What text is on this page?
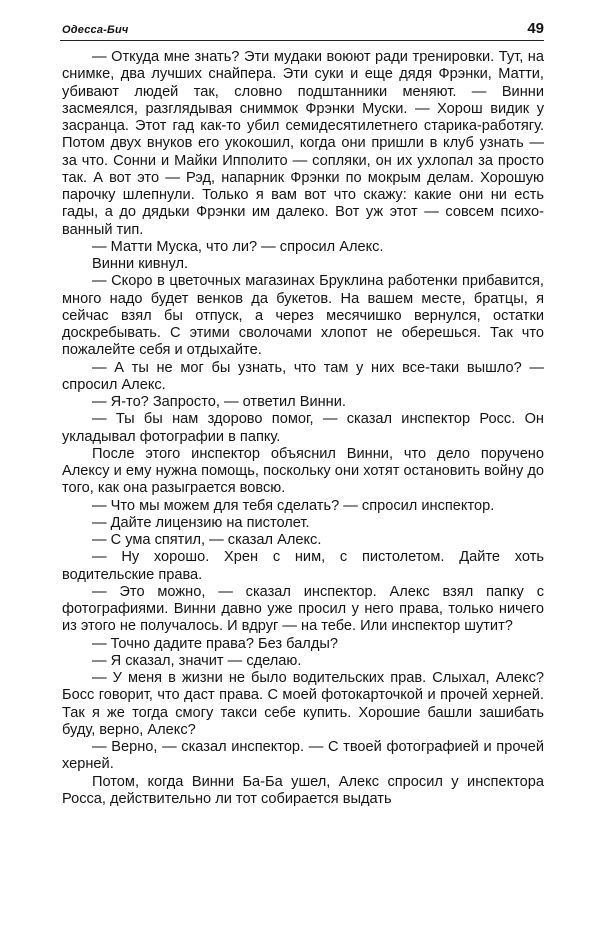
Одесса-Бич	49

— Откуда мне знать? Эти мудаки воюют ради тренировки. Тут, на снимке, два лучших снайпера. Эти суки и еще дядя Фрэнки, Матти, убивают людей так, словно подштанники меняют. — Винни засмеялся, разглядывая сниммок Фрэнки Муски. — Хорош видик у засранца. Этот гад как-то убил семидесятилетнего старика-работягу. Потом двух внуков его укокошил, когда они пришли в клуб узнать — за что. Сонни и Майки Ипполито — сопляки, он их ухлопал за просто так. А вот это — Рэд, напарник Фрэнки по мокрым делам. Хорошую парочку шлепнули. Только я вам вот что скажу: какие они ни есть гады, а до дядьки Фрэнки им далеко. Вот уж этот — совсем психованный тип.

— Матти Муска, что ли? — спросил Алекс.

Винни кивнул.

— Скоро в цветочных магазинах Бруклина работенки прибавится, много надо будет венков да букетов. На вашем месте, братцы, я сейчас взял бы отпуск, а через месячишко вернулся, остатки доскребывать. С этими сволочами хлопот не оберешься. Так что пожалейте себя и отдыхайте.

— А ты не мог бы узнать, что там у них все-таки вышло? — спросил Алекс.

— Я-то? Запросто, — ответил Винни.

— Ты бы нам здорово помог, — сказал инспектор Росс. Он укладывал фотографии в папку.

После этого инспектор объяснил Винни, что дело поручено Алексу и ему нужна помощь, поскольку они хотят остановить войну до того, как она разыграется вовсю.

— Что мы можем для тебя сделать? — спросил инспектор.

— Дайте лицензию на пистолет.

— С ума спятил, — сказал Алекс.

— Ну хорошо. Хрен с ним, с пистолетом. Дайте хоть водительские права.

— Это можно, — сказал инспектор. Алекс взял папку с фотографиями. Винни давно уже просил у него права, только ничего из этого не получалось. И вдруг — на тебе. Или инспектор шутит?

— Точно дадите права? Без балды?

— Я сказал, значит — сделаю.

— У меня в жизни не было водительских прав. Слыхал, Алекс? Босс говорит, что даст права. С моей фотокарточкой и прочей херней. Так я же тогда смогу такси себе купить. Хорошие башли зашибать буду, верно, Алекс?

— Верно, — сказал инспектор. — С твоей фотографией и прочей херней.

Потом, когда Винни Ба-Ба ушел, Алекс спросил у инспектора Росса, действительно ли тот собирается выдать
